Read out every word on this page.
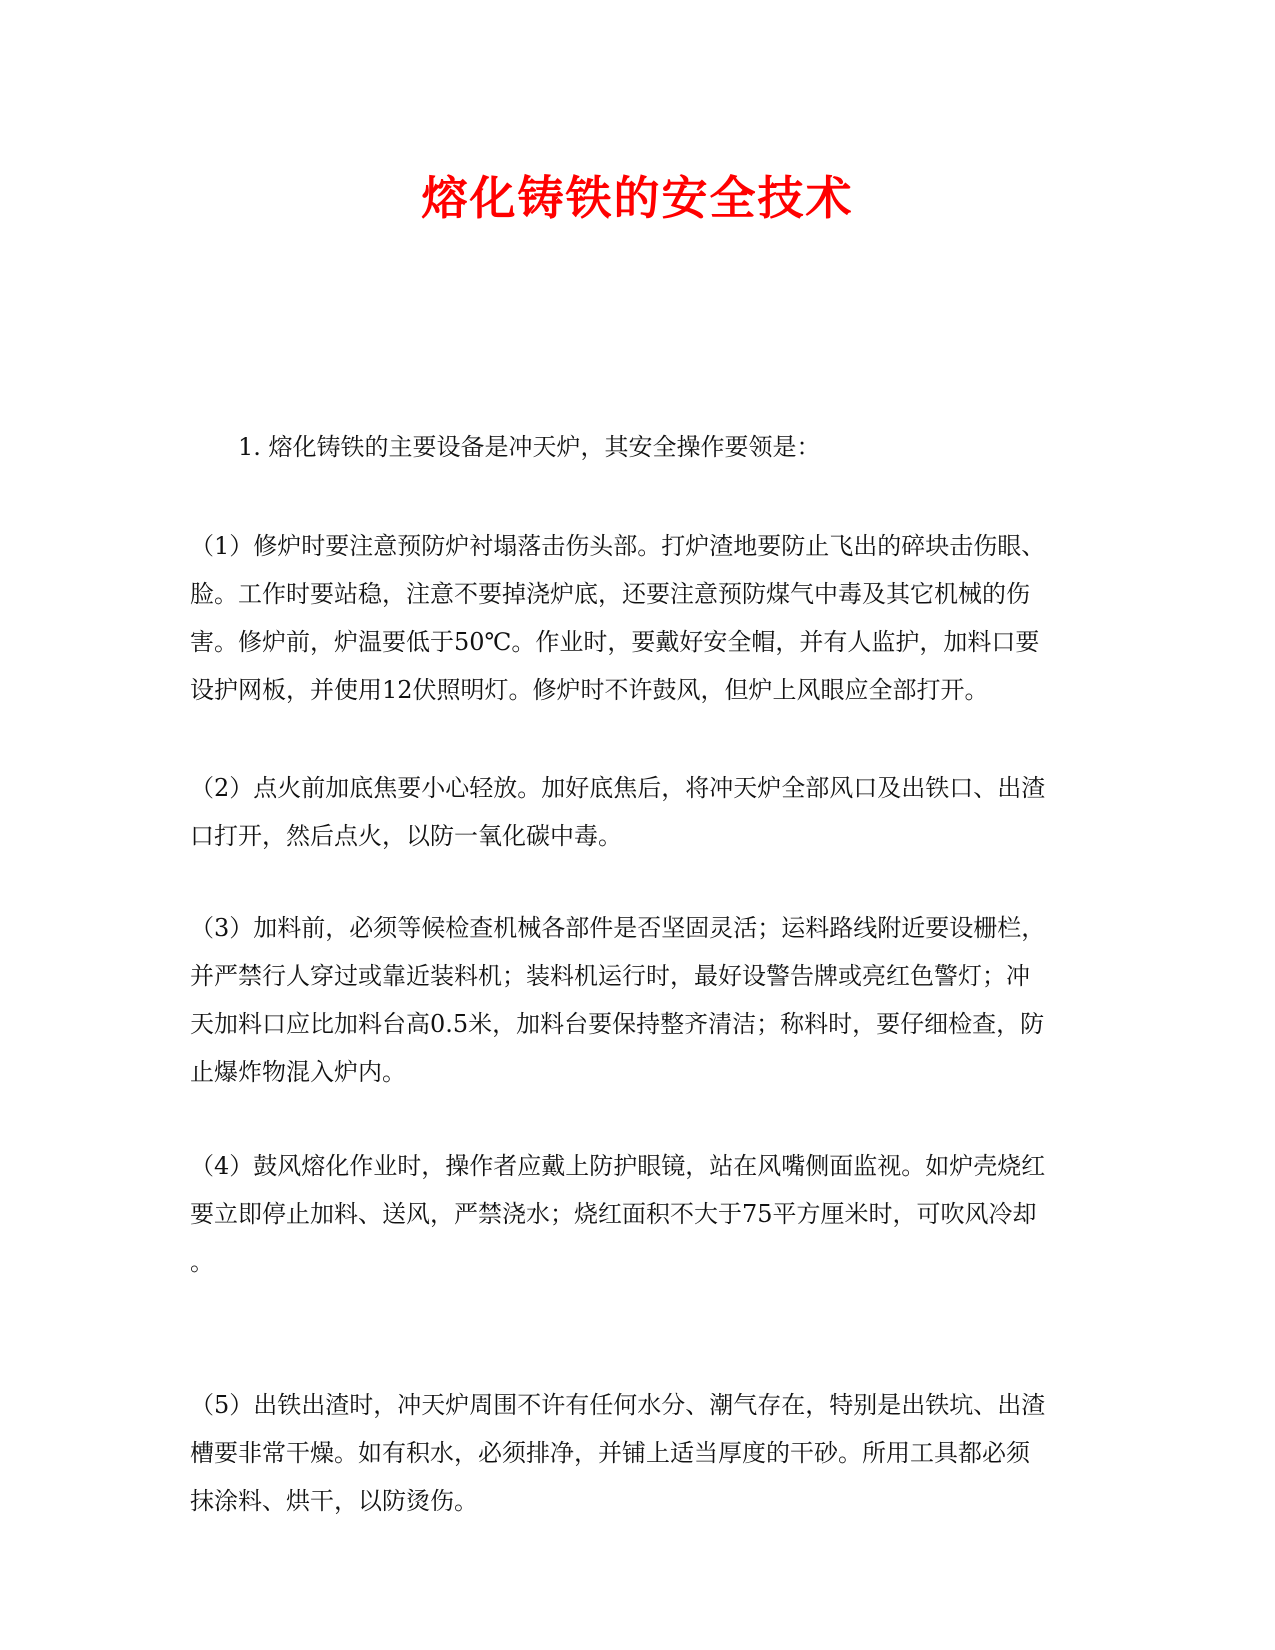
熔化铸铁的安全技术

1. 熔化铸铁的主要设备是冲天炉，其安全操作要领是：

（1）修炉时要注意预防炉衬塌落击伤头部。打炉渣地要防止飞出的碎块击伤眼、
脸。工作时要站稳，注意不要掉浇炉底，还要注意预防煤气中毒及其它机械的伤
害。修炉前，炉温要低于50℃。作业时，要戴好安全帽，并有人监护，加料口要
设护网板，并使用12伏照明灯。修炉时不许鼓风，但炉上风眼应全部打开。

（2）点火前加底焦要小心轻放。加好底焦后，将冲天炉全部风口及出铁口、出渣
口打开，然后点火，以防一氧化碳中毒。

（3）加料前，必须等候检查机械各部件是否坚固灵活；运料路线附近要设栅栏，
并严禁行人穿过或靠近装料机；装料机运行时，最好设警告牌或亮红色警灯；冲
天加料口应比加料台高0.5米，加料台要保持整齐清洁；称料时，要仔细检查，防
止爆炸物混入炉内。

（4）鼓风熔化作业时，操作者应戴上防护眼镜，站在风嘴侧面监视。如炉壳烧红
要立即停止加料、送风，严禁浇水；烧红面积不大于75平方厘米时，可吹风冷却
。

（5）出铁出渣时，冲天炉周围不许有任何水分、潮气存在，特别是出铁坑、出渣
槽要非常干燥。如有积水，必须排净，并铺上适当厚度的干砂。所用工具都必须
抹涂料、烘干，以防烫伤。
